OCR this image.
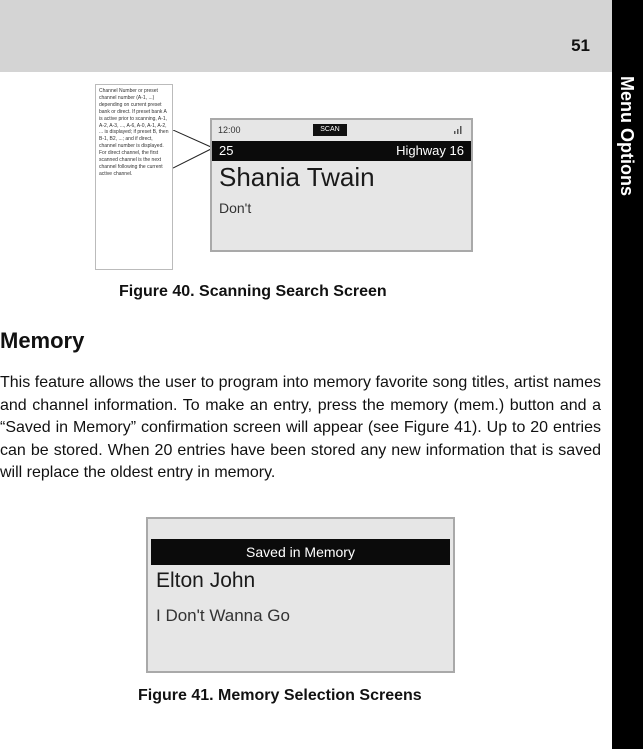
51
Menu Options
Channel Number or preset channel number (A-1, ...) depending on current preset bank or direct. If preset bank A is active prior to scanning, A-1, A-2, A-3, ..., A-6, A-0, A-1, A-2, ... is displayed; if preset B, then B-1, B2, ...; and if direct, channel number is displayed. For direct channel, the first scanned channel is the next channel following the current active channel.
12:00	SCAN
25	Highway 16
Shania Twain
Don't
Figure 40. Scanning Search Screen
Memory
This feature allows the user to program into memory favorite song titles, artist names and channel information. To make an entry, press the memory (mem.) button and a “Saved in Memory” confirmation screen will appear (see Figure 41). Up to 20 entries can be stored. When 20 entries have been stored any new information that is saved will replace the oldest entry in memory.
Saved in Memory
Elton John
I Don't Wanna Go
Figure 41. Memory Selection Screens
